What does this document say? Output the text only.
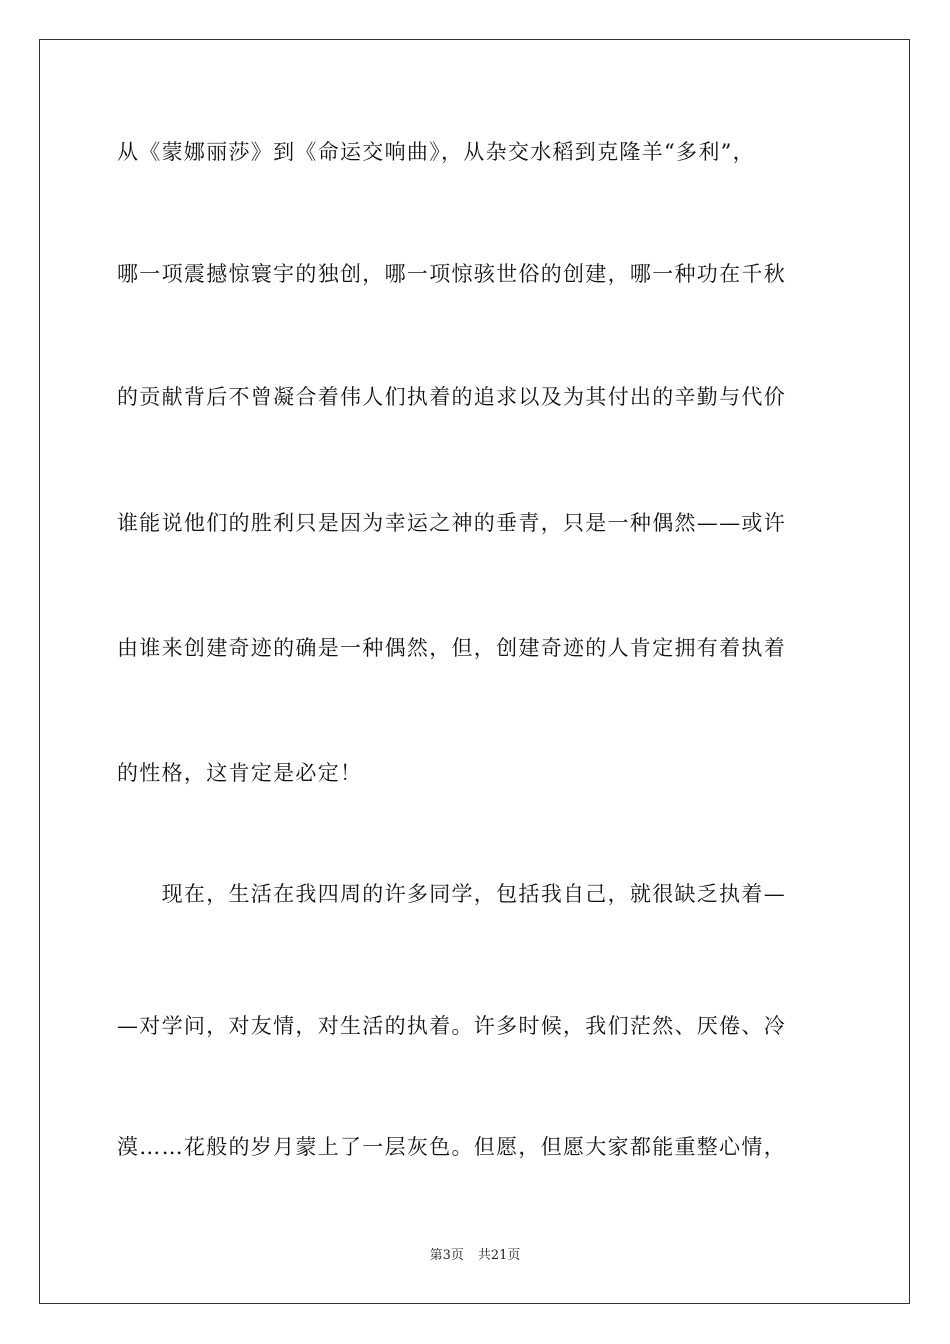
从《蒙娜丽莎》到《命运交响曲》，从杂交水稻到克隆羊“多利”，
哪一项震撼惊寰宇的独创，哪一项惊骇世俗的创建，哪一种功在千秋
的贡献背后不曾凝合着伟人们执着的追求以及为其付出的辛勤与代价
谁能说他们的胜利只是因为幸运之神的垂青，只是一种偶然——或许
由谁来创建奇迹的确是一种偶然，但，创建奇迹的人肯定拥有着执着
的性格，这肯定是必定！
　　现在，生活在我四周的许多同学，包括我自己，就很缺乏执着—
—对学问，对友情，对生活的执着。许多时候，我们茫然、厌倦、冷
漠……花般的岁月蒙上了一层灰色。但愿，但愿大家都能重整心情，
第3页 共21页
